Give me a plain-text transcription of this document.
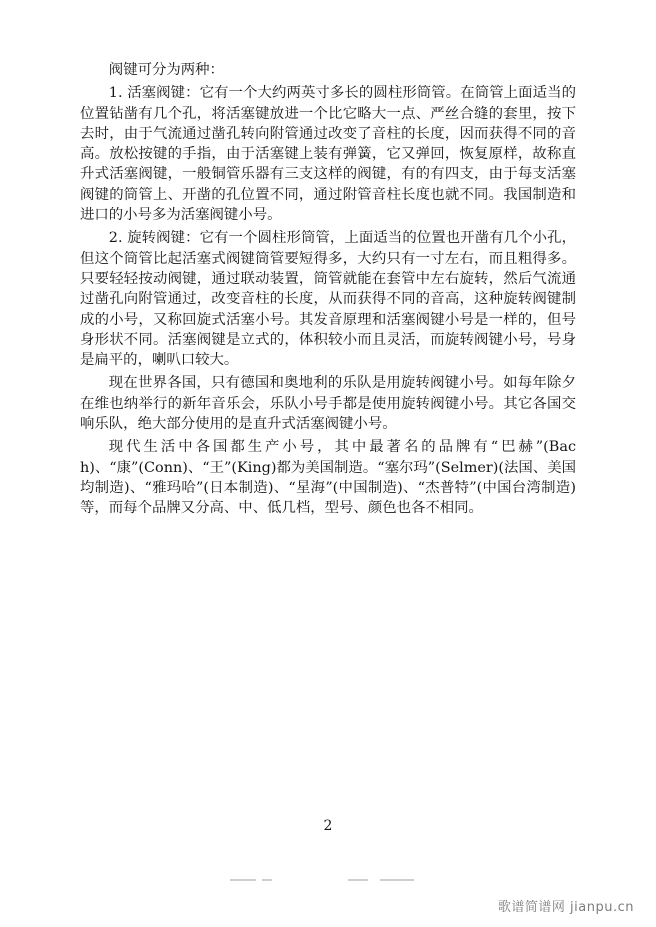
阀键可分为两种：

1. 活塞阀键：它有一个大约两英寸多长的圆柱形筒管。在筒管上面适当的位置钻凿有几个孔，将活塞键放进一个比它略大一点、严丝合缝的套里，按下去时，由于气流通过凿孔转向附管通过改变了音柱的长度，因而获得不同的音高。放松按键的手指，由于活塞键上装有弹簧，它又弹回，恢复原样，故称直升式活塞阀键，一般铜管乐器有三支这样的阀键，有的有四支，由于每支活塞阀键的筒管上、开凿的孔位置不同，通过附管音柱长度也就不同。我国制造和进口的小号多为活塞阀键小号。

2. 旋转阀键：它有一个圆柱形筒管，上面适当的位置也开凿有几个小孔，但这个筒管比起活塞式阀键筒管要短得多，大约只有一寸左右，而且粗得多。只要轻轻按动阀键，通过联动装置，筒管就能在套管中左右旋转，然后气流通过凿孔向附管通过，改变音柱的长度，从而获得不同的音高，这种旋转阀键制成的小号，又称回旋式活塞小号。其发音原理和活塞阀键小号是一样的，但号身形状不同。活塞阀键是立式的，体积较小而且灵活，而旋转阀键小号，号身是扁平的，喇叭口较大。

现在世界各国，只有德国和奥地利的乐队是用旋转阀键小号。如每年除夕在维也纳举行的新年音乐会，乐队小号手都是使用旋转阀键小号。其它各国交响乐队，绝大部分使用的是直升式活塞阀键小号。

现代生活中各国都生产小号，其中最著名的品牌有“巴赫”(Bach)、“康”(Conn)、“王”(King)都为美国制造。“塞尔玛”(Selmer)(法国、美国均制造)、“雅玛哈”(日本制造)、“星海”(中国制造)、“杰普特”(中国台湾制造)等，而每个品牌又分高、中、低几档，型号、颜色也各不相同。

2
歌谱简谱网 jianpu.cn
